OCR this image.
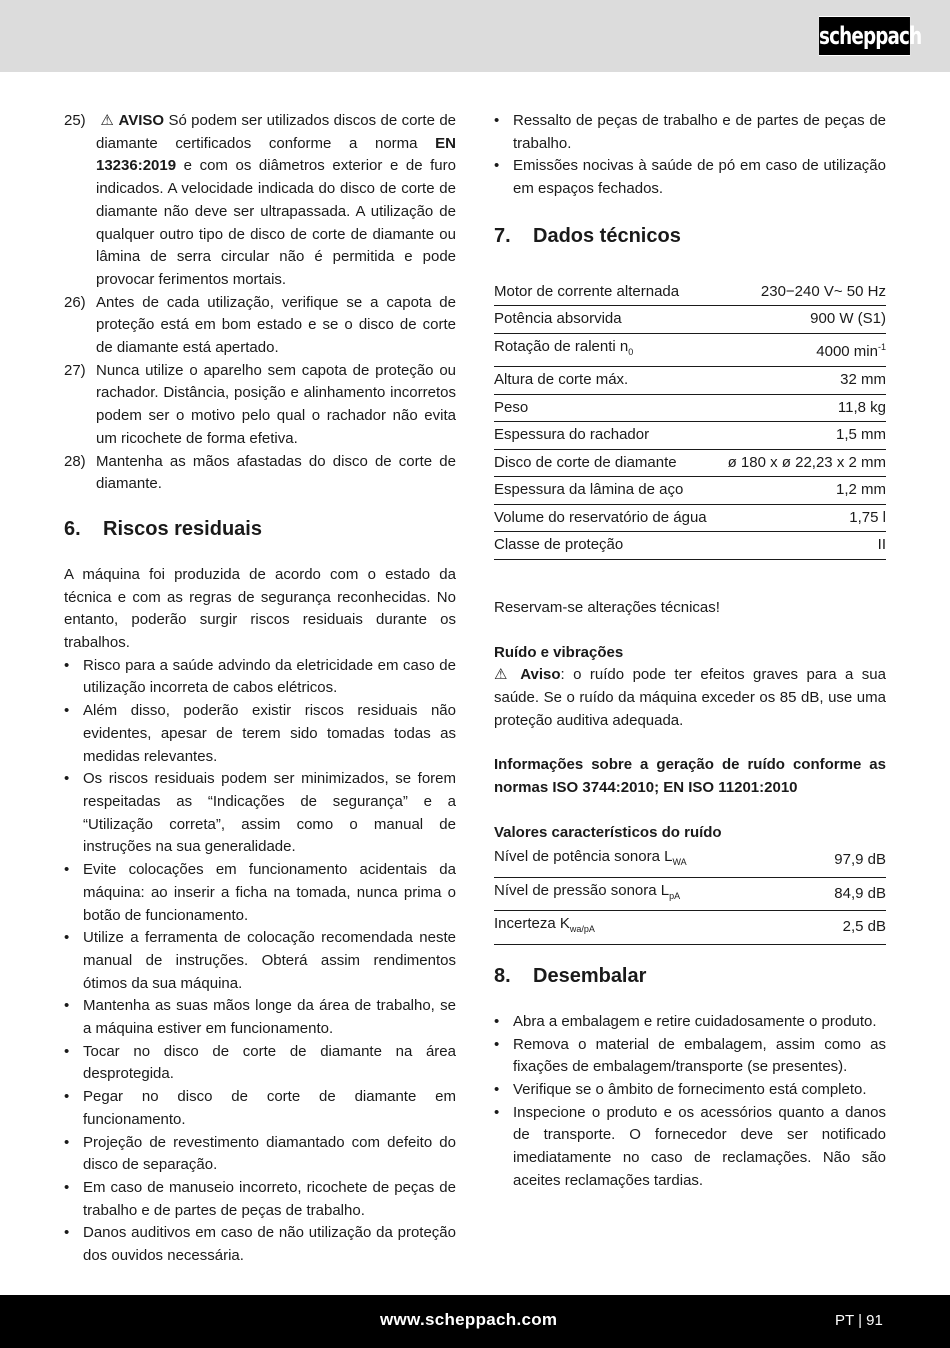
scheppach
25) ⚠ AVISO Só podem ser utilizados discos de corte de diamante certificados conforme a norma EN 13236:2019 e com os diâmetros exterior e de furo indicados. A velocidade indicada do disco de corte de diamante não deve ser ultrapassada. A utilização de qualquer outro tipo de disco de corte de diamante ou lâmina de serra circular não é permitida e pode provocar ferimentos mortais.
26) Antes de cada utilização, verifique se a capota de proteção está em bom estado e se o disco de corte de diamante está apertado.
27) Nunca utilize o aparelho sem capota de proteção ou rachador. Distância, posição e alinhamento incorretos podem ser o motivo pelo qual o rachador não evita um ricochete de forma efetiva.
28) Mantenha as mãos afastadas do disco de corte de diamante.
6.	Riscos residuais

A máquina foi produzida de acordo com o estado da técnica e com as regras de segurança reconhecidas. No entanto, poderão surgir riscos residuais durante os trabalhos.

• Risco para a saúde advindo da eletricidade em caso de utilização incorreta de cabos elétricos.
• Além disso, poderão existir riscos residuais não evidentes, apesar de terem sido tomadas todas as medidas relevantes.
• Os riscos residuais podem ser minimizados, se forem respeitadas as “Indicações de segurança” e a “Utilização correta”, assim como o manual de instruções na sua generalidade.
• Evite colocações em funcionamento acidentais da máquina: ao inserir a ficha na tomada, nunca prima o botão de funcionamento.
• Utilize a ferramenta de colocação recomendada neste manual de instruções. Obterá assim rendimentos ótimos da sua máquina.
• Mantenha as suas mãos longe da área de trabalho, se a máquina estiver em funcionamento.
• Tocar no disco de corte de diamante na área desprotegida.
• Pegar no disco de corte de diamante em funcionamento.
• Projeção de revestimento diamantado com defeito do disco de separação.
• Em caso de manuseio incorreto, ricochete de peças de trabalho e de partes de peças de trabalho.
• Danos auditivos em caso de não utilização da proteção dos ouvidos necessária.
• Ressalto de peças de trabalho e de partes de peças de trabalho.
• Emissões nocivas à saúde de pó em caso de utilização em espaços fechados.
7.	Dados técnicos
Motor de corrente alternada	230−240 V~ 50 Hz
Potência absorvida	900 W (S1)
Rotação de ralenti $n_0$	4000 $\min^{-1}$
Altura de corte máx.	32 mm
Peso	11,8 kg
Espessura do rachador	1,5 mm
Disco de corte de diamante	ø 180 x ø 22,23 x 2 mm
Espessura da lâmina de aço	1,2 mm
Volume do reservatório de água	1,75 l
Classe de proteção	II

Reservam-se alterações técnicas!

Ruído e vibrações

⚠ Aviso: o ruído pode ter efeitos graves para a sua saúde. Se o ruído da máquina exceder os 85 dB, use uma proteção auditiva adequada.

Informações sobre a geração de ruído conforme as normas ISO 3744:2010; EN ISO 11201:2010

Valores característicos do ruído

Nível de potência sonora $L_{WA}$	97,9 dB
Nível de pressão sonora $L_{pA}$	84,9 dB
Incerteza $K_{wa/pA}$	2,5 dB
8.	Desembalar
• Abra a embalagem e retire cuidadosamente o produto.
• Remova o material de embalagem, assim como as fixações de embalagem/transporte (se presentes).
• Verifique se o âmbito de fornecimento está completo.
• Inspecione o produto e os acessórios quanto a danos de transporte. O fornecedor deve ser notificado imediatamente no caso de reclamações. Não são aceites reclamações tardias.
www.scheppach.com	PT | 91
